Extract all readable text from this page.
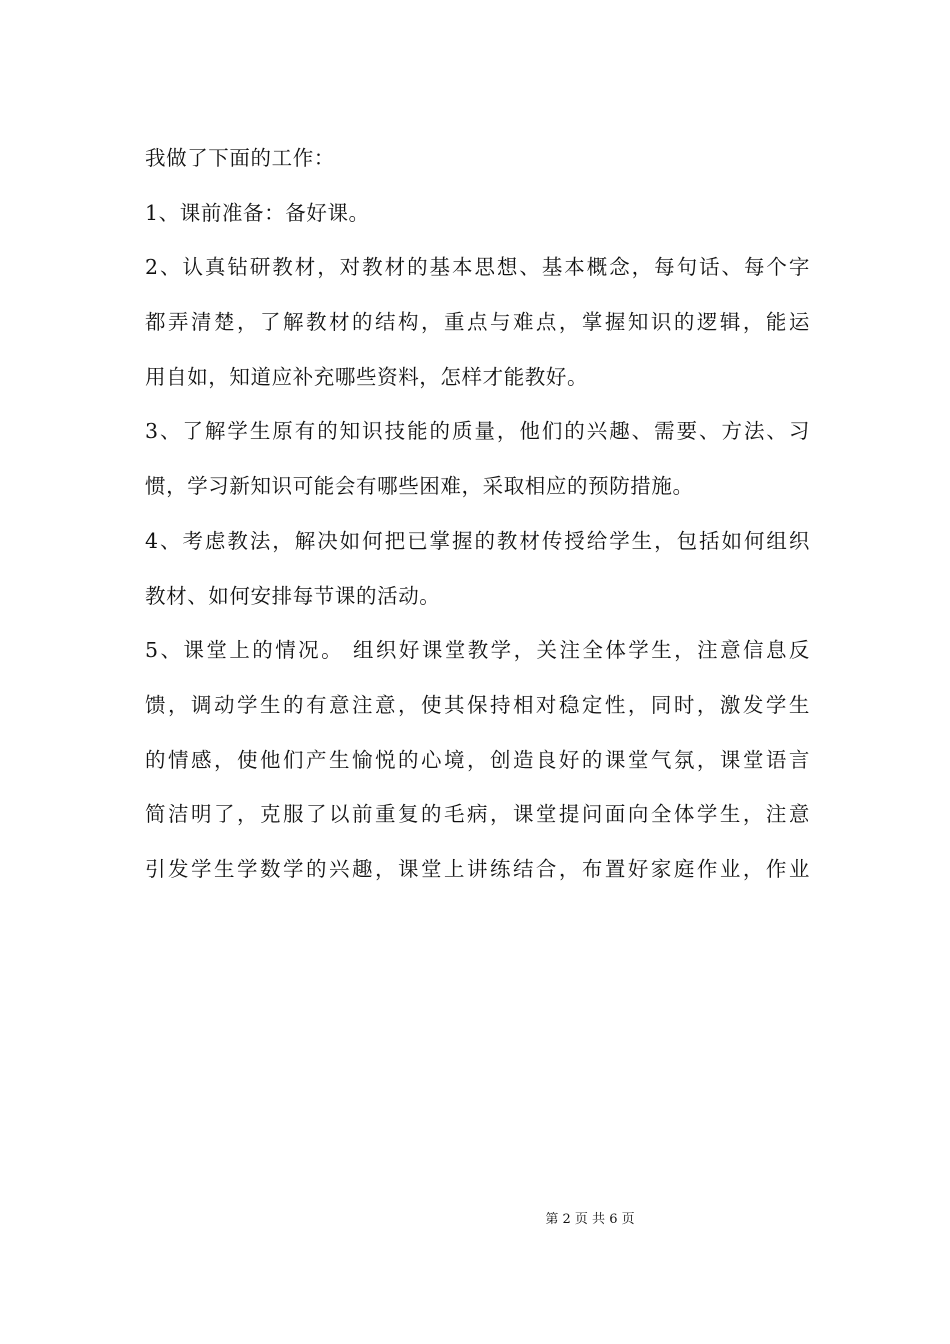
我做了下面的工作：
1、课前准备：备好课。
2、认真钻研教材，对教材的基本思想、基本概念，每句话、每个字
都弄清楚，了解教材的结构，重点与难点，掌握知识的逻辑，能运
用自如，知道应补充哪些资料，怎样才能教好。
3、了解学生原有的知识技能的质量，他们的兴趣、需要、方法、习
惯，学习新知识可能会有哪些困难，采取相应的预防措施。
4、考虑教法，解决如何把已掌握的教材传授给学生，包括如何组织
教材、如何安排每节课的活动。
5、课堂上的情况。 组织好课堂教学，关注全体学生，注意信息反
馈，调动学生的有意注意，使其保持相对稳定性，同时，激发学生
的情感，使他们产生愉悦的心境，创造良好的课堂气氛，课堂语言
简洁明了，克服了以前重复的毛病，课堂提问面向全体学生，注意
引发学生学数学的兴趣，课堂上讲练结合，布置好家庭作业，作业
第 2 页 共 6 页
